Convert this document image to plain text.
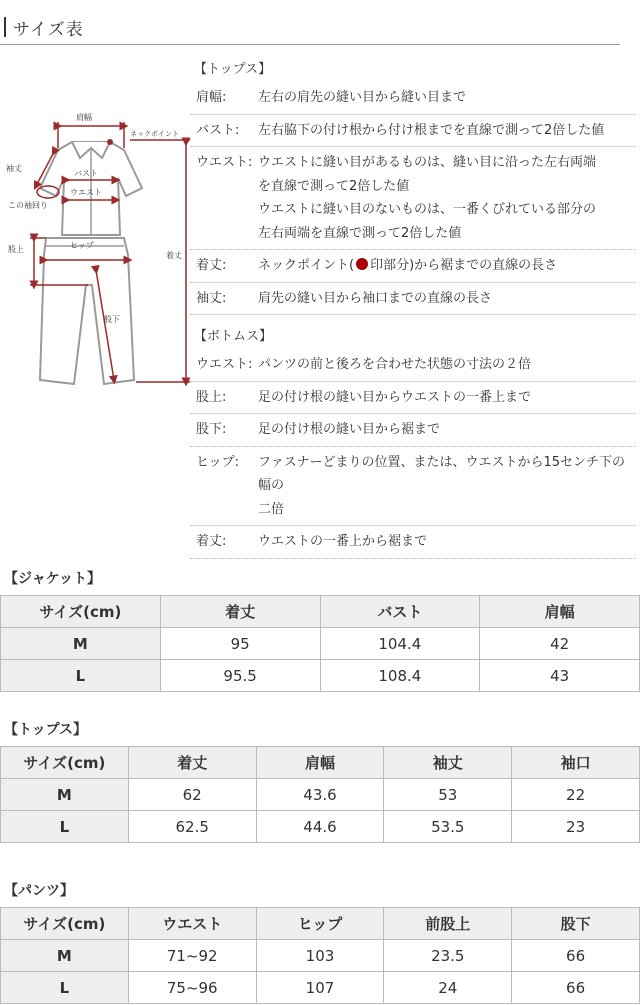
サイズ表
肩幅
ネックポイント
袖丈
バスト
ウエスト
この袖回り
着丈
股上	ヒップ
股下
【トップス】
肩幅:	左右の肩先の縫い目から縫い目まで
バスト:	左右脇下の付け根から付け根までを直線で測って2倍した値
ウエスト: ウエストに縫い目があるものは、縫い目に沿った左右両端
を直線で測って2倍した値
ウエストに縫い目のないものは、一番くびれている部分の
左右両端を直線で測って2倍した値
着丈:	ネックポイント( 印部分)から裾までの直線の長さ
袖丈:	肩先の縫い目から袖口までの直線の長さ
【ボトムス】
ウエスト: パンツの前と後ろを合わせた状態の寸法の２倍
股上:	足の付け根の縫い目からウエストの一番上まで
股下:	足の付け根の縫い目から裾まで
ヒップ:	ファスナーどまりの位置、または、ウエストから15センチ下の幅の
二倍
着丈:	ウエストの一番上から裾まで
【ジャケット】
サイズ(cm)	着丈	バスト	肩幅
M	95	104.4	42
L	95.5	108.4	43
【トップス】
サイズ(cm)	着丈	肩幅	袖丈	袖口
M	62	43.6	53	22
L	62.5	44.6	53.5	23
【パンツ】
サイズ(cm)	ウエスト	ヒップ	前股上	股下
M	71~92	103	23.5	66
L	75~96	107	24	66
